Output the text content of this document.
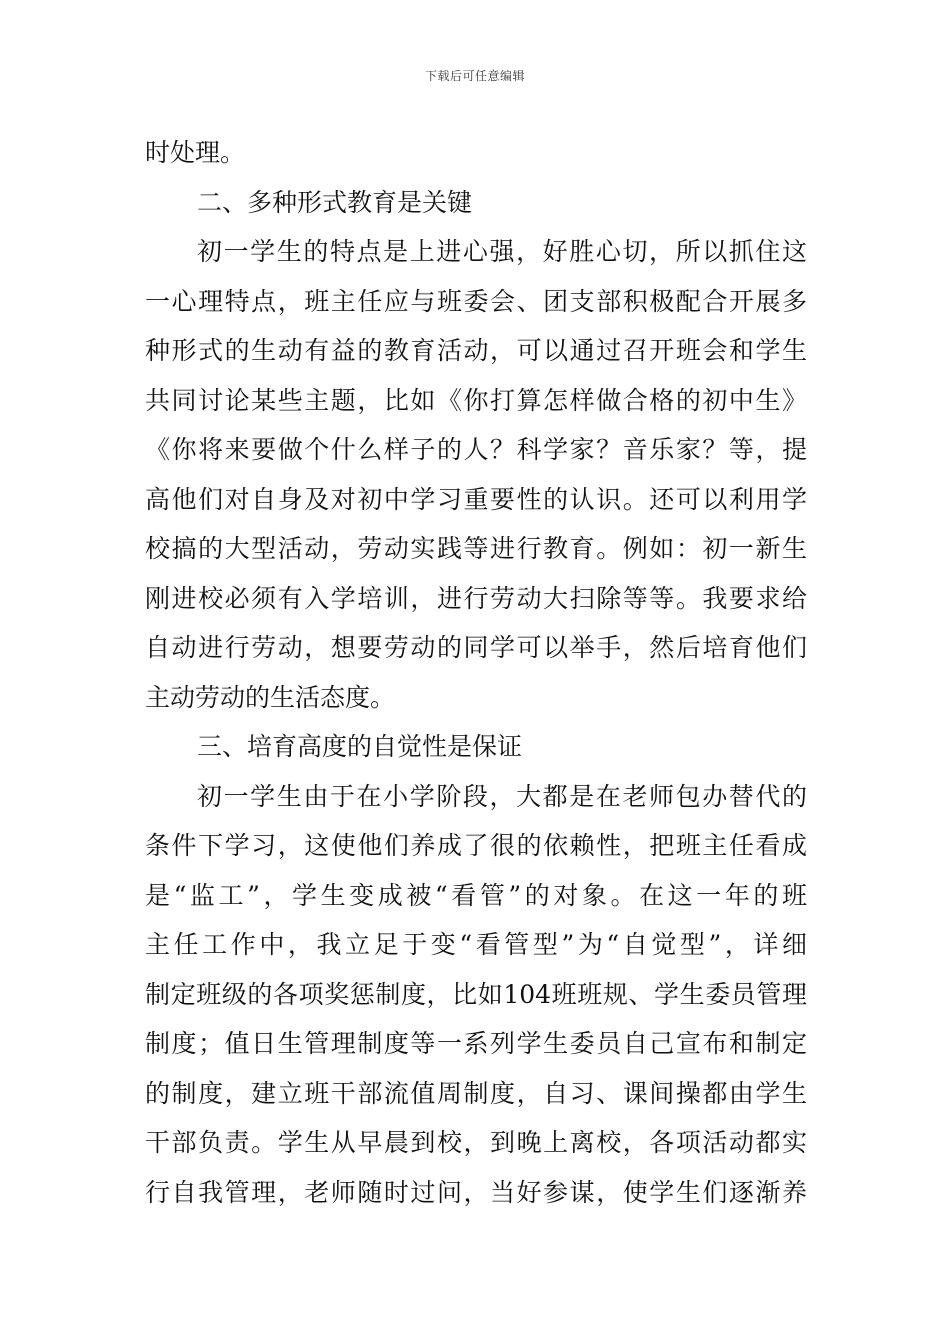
下载后可任意编辑
时处理。
二、多种形式教育是关键
初一学生的特点是上进心强，好胜心切，所以抓住这
一心理特点，班主任应与班委会、团支部积极配合开展多
种形式的生动有益的教育活动，可以通过召开班会和学生
共同讨论某些主题，比如《你打算怎样做合格的初中生》
《你将来要做个什么样子的人？科学家？音乐家？等，提
高他们对自身及对初中学习重要性的认识。还可以利用学
校搞的大型活动，劳动实践等进行教育。例如：初一新生
刚进校必须有入学培训，进行劳动大扫除等等。我要求给
自动进行劳动，想要劳动的同学可以举手，然后培育他们
主动劳动的生活态度。
三、培育高度的自觉性是保证
初一学生由于在小学阶段，大都是在老师包办替代的
条件下学习，这使他们养成了很的依赖性，把班主任看成
是“监工”，学生变成被“看管”的对象。在这一年的班
主任工作中，我立足于变“看管型”为“自觉型”，详细
制定班级的各项奖惩制度，比如104班班规、学生委员管理
制度；值日生管理制度等一系列学生委员自己宣布和制定
的制度，建立班干部流值周制度，自习、课间操都由学生
干部负责。学生从早晨到校，到晚上离校，各项活动都实
行自我管理，老师随时过问，当好参谋，使学生们逐渐养
